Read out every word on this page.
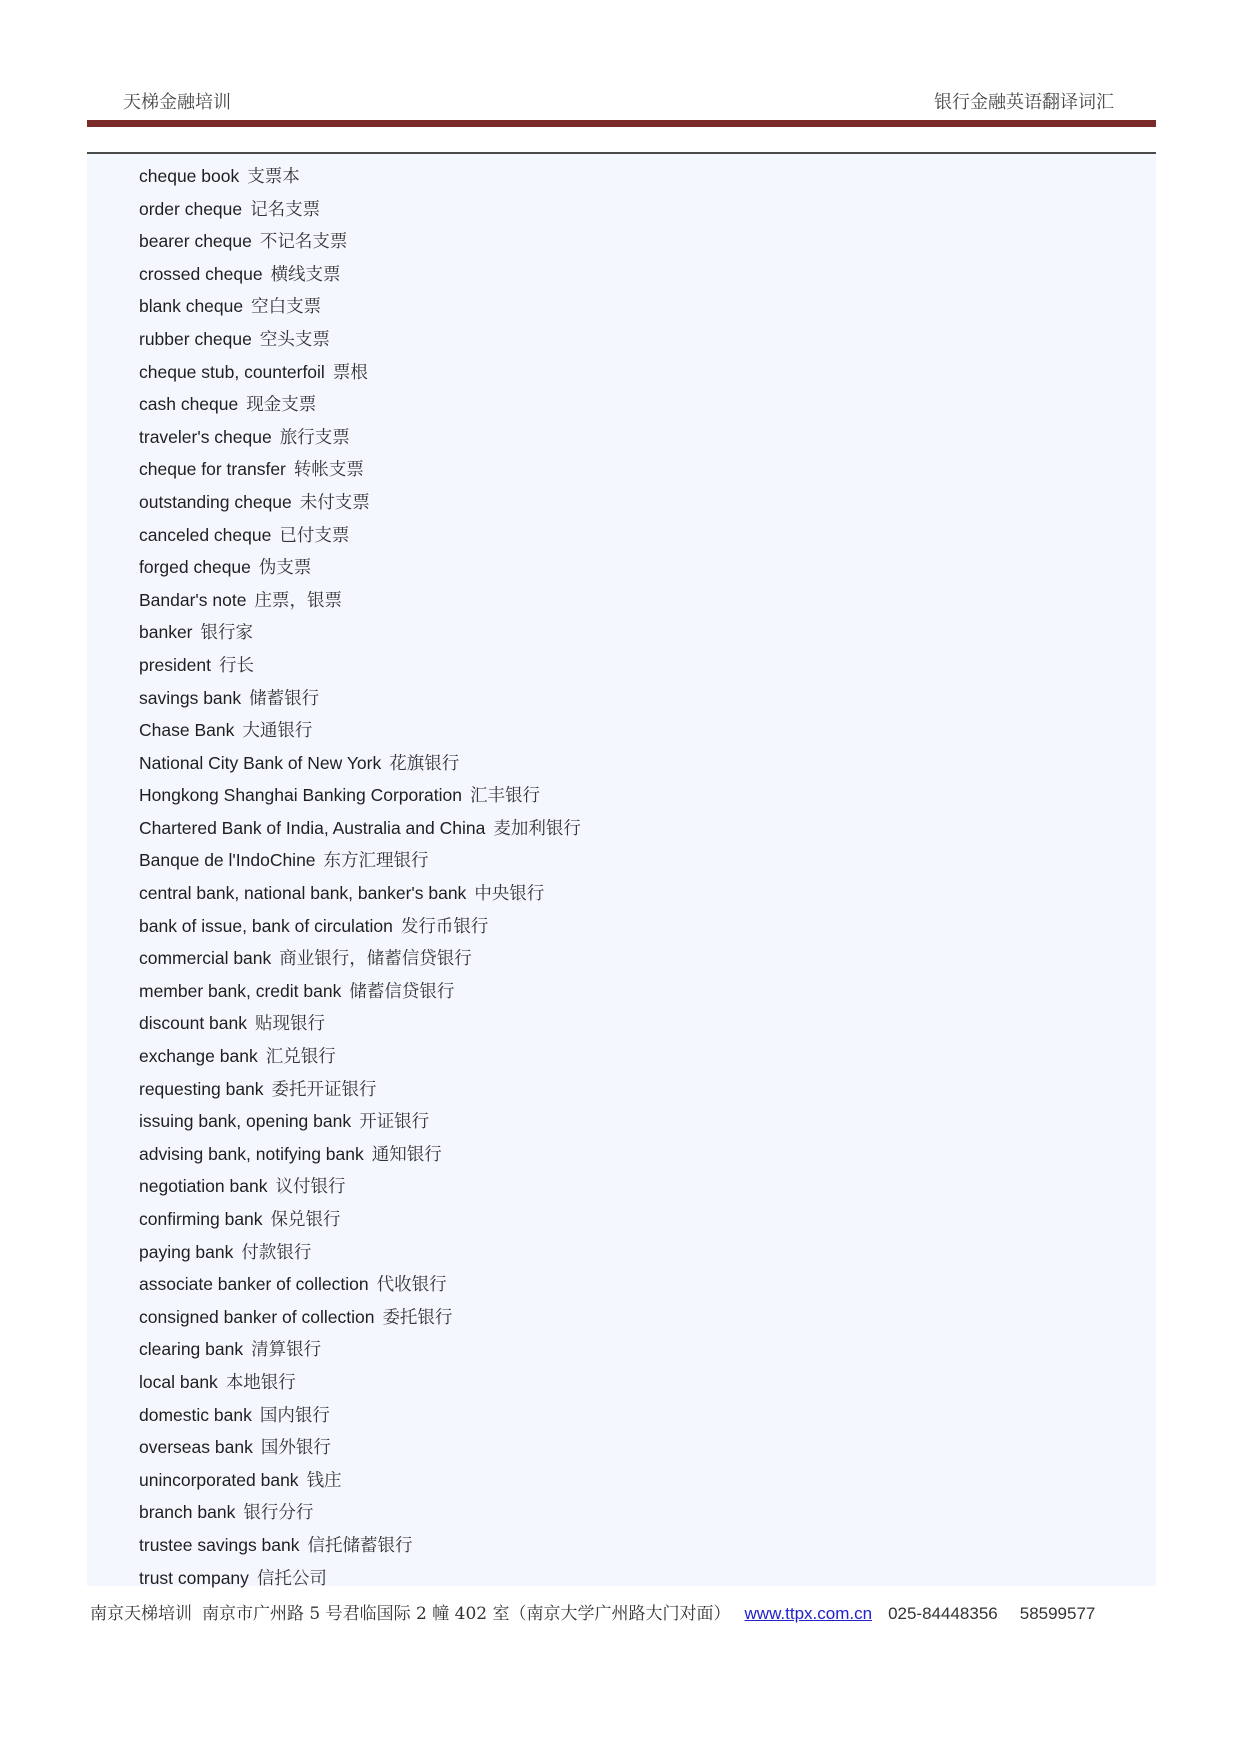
天梯金融培训	银行金融英语翻译词汇
cheque book 支票本
order cheque 记名支票
bearer cheque 不记名支票
crossed cheque 横线支票
blank cheque 空白支票
rubber cheque 空头支票
cheque stub, counterfoil 票根
cash cheque 现金支票
traveler's cheque 旅行支票
cheque for transfer 转帐支票
outstanding cheque 未付支票
canceled cheque 已付支票
forged cheque 伪支票
Bandar's note 庄票，银票
banker 银行家
president 行长
savings bank 储蓄银行
Chase Bank 大通银行
National City Bank of New York 花旗银行
Hongkong Shanghai Banking Corporation 汇丰银行
Chartered Bank of India, Australia and China 麦加利银行
Banque de l'IndoChine 东方汇理银行
central bank, national bank, banker's bank 中央银行
bank of issue, bank of circulation 发行币银行
commercial bank 商业银行，储蓄信贷银行
member bank, credit bank 储蓄信贷银行
discount bank 贴现银行
exchange bank 汇兑银行
requesting bank 委托开证银行
issuing bank, opening bank 开证银行
advising bank, notifying bank 通知银行
negotiation bank 议付银行
confirming bank 保兑银行
paying bank 付款银行
associate banker of collection 代收银行
consigned banker of collection 委托银行
clearing bank 清算银行
local bank 本地银行
domestic bank 国内银行
overseas bank 国外银行
unincorporated bank 钱庄
branch bank 银行分行
trustee savings bank 信托储蓄银行
trust company 信托公司
南京天梯培训 南京市广州路 5 号君临国际 2 幢 402 室（南京大学广州路大门对面） www.ttpx.com.cn 025-84448356 58599577
